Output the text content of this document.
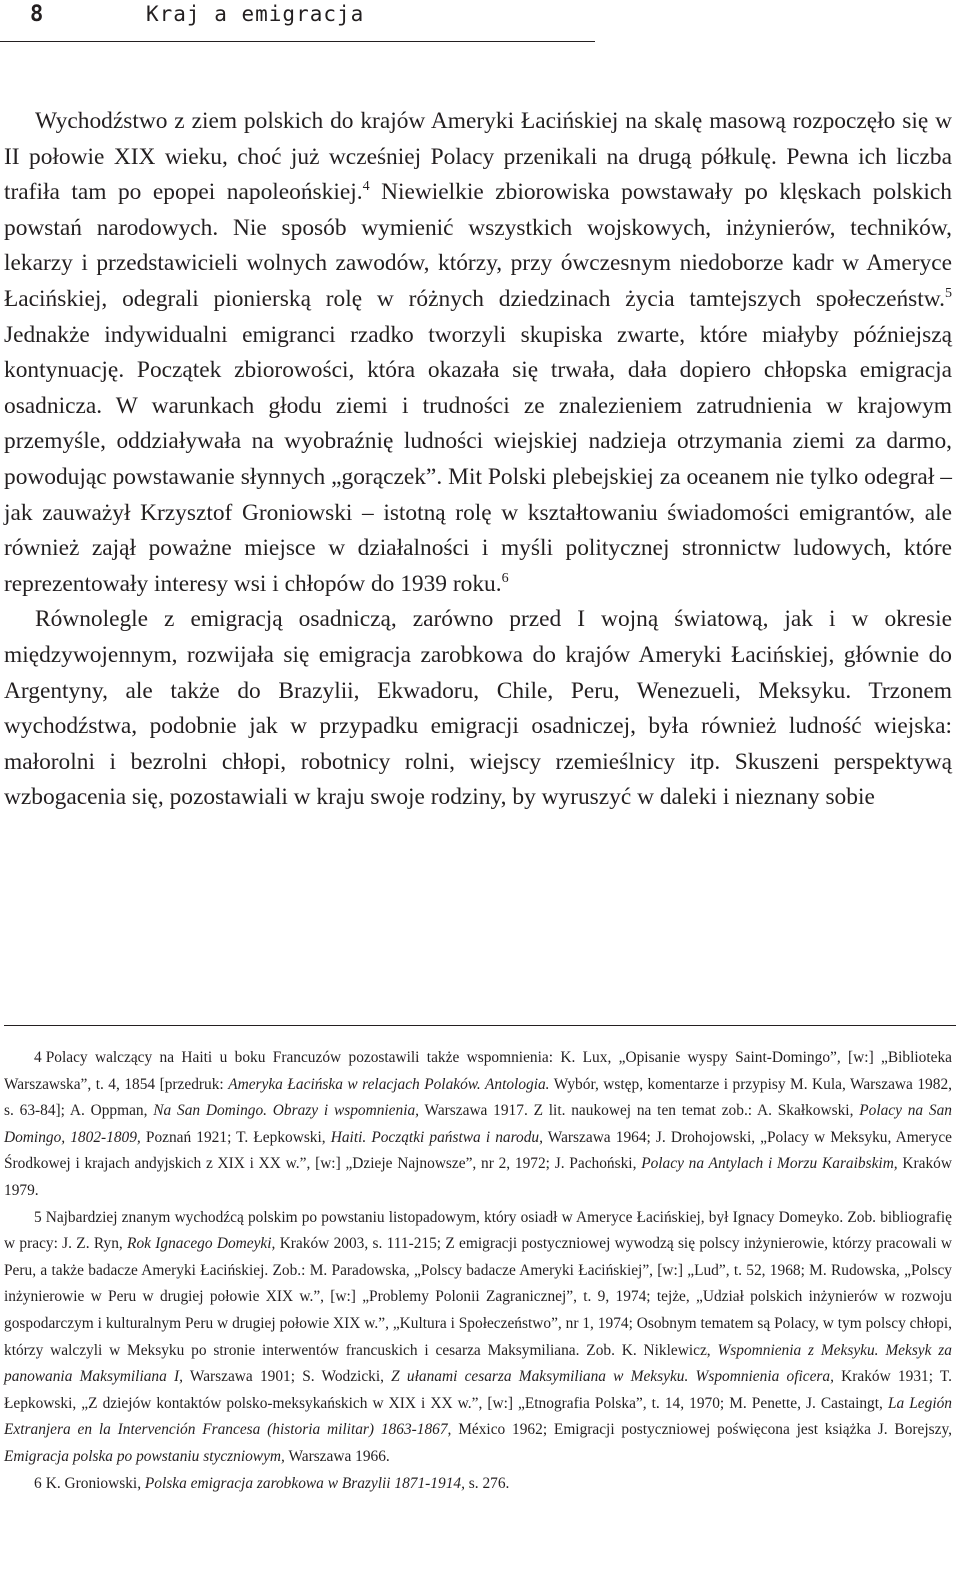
8	Kraj a emigracja

Wychodźstwo z ziem polskich do krajów Ameryki Łacińskiej na skalę masową rozpoczęło się w II połowie XIX wieku, choć już wcześniej Polacy przenikali na drugą półkulę. Pewna ich liczba trafiła tam po epopei napoleońskiej.$^4$ Niewielkie zbiorowiska powstawały po klęskach polskich powstań narodowych. Nie sposób wymienić wszystkich wojskowych, inżynierów, techników, lekarzy i przedstawicieli wolnych zawodów, którzy, przy ówczesnym niedoborze kadr w Ameryce Łacińskiej, odegrali pionierską rolę w różnych dziedzinach życia tamtejszych społeczeństw.$^5$ Jednakże indywidualni emigranci rzadko tworzyli skupiska zwarte, które miałyby późniejszą kontynuację. Początek zbiorowości, która okazała się trwała, dała dopiero chłopska emigracja osadnicza. W warunkach głodu ziemi i trudności ze znalezieniem zatrudnienia w krajowym przemyśle, oddziaływała na wyobraźnię ludności wiejskiej nadzieja otrzymania ziemi za darmo, powodując powstawanie słynnych „gorączek”. Mit Polski plebejskiej za oceanem nie tylko odegrał – jak zauważył Krzysztof Groniowski – istotną rolę w kształtowaniu świadomości emigrantów, ale również zajął poważne miejsce w działalności i myśli politycznej stronnictw ludowych, które reprezentowały interesy wsi i chłopów do 1939 roku.$^6$

Równolegle z emigracją osadniczą, zarówno przed I wojną światową, jak i w okresie międzywojennym, rozwijała się emigracja zarobkowa do krajów Ameryki Łacińskiej, głównie do Argentyny, ale także do Brazylii, Ekwadoru, Chile, Peru, Wenezueli, Meksyku. Trzonem wychodźstwa, podobnie jak w przypadku emigracji osadniczej, była również ludność wiejska: małorolni i bezrolni chłopi, robotnicy rolni, wiejscy rzemieślnicy itp. Skuszeni perspektywą wzbogacenia się, pozostawiali w kraju swoje rodziny, by wyruszyć w daleki i nieznany sobie

4 Polacy walczący na Haiti u boku Francuzów pozostawili także wspomnienia: K. Lux, „Opisanie wyspy Saint-Domingo”, [w:] „Biblioteka Warszawska”, t. 4, 1854 [przedruk: Ameryka Łacińska w relacjach Polaków. Antologia. Wybór, wstęp, komentarze i przypisy M. Kula, Warszawa 1982, s. 63-84]; A. Oppman, Na San Domingo. Obrazy i wspomnienia, Warszawa 1917. Z lit. naukowej na ten temat zob.: A. Skałkowski, Polacy na San Domingo, 1802-1809, Poznań 1921; T. Łepkowski, Haiti. Początki państwa i narodu, Warszawa 1964; J. Drohojowski, „Polacy w Meksyku, Ameryce Środkowej i krajach andyjskich z XIX i XX w.”, [w:] „Dzieje Najnowsze”, nr 2, 1972; J. Pachoński, Polacy na Antylach i Morzu Karaibskim, Kraków 1979.

5 Najbardziej znanym wychodźcą polskim po powstaniu listopadowym, który osiadł w Ameryce Łacińskiej, był Ignacy Domeyko. Zob. bibliografię w pracy: J. Z. Ryn, Rok Ignacego Domeyki, Kraków 2003, s. 111-215; Z emigracji postyczniowej wywodzą się polscy inżynierowie, którzy pracowali w Peru, a także badacze Ameryki Łacińskiej. Zob.: M. Paradowska, „Polscy badacze Ameryki Łacińskiej”, [w:] „Lud”, t. 52, 1968; M. Rudowska, „Polscy inżynierowie w Peru w drugiej połowie XIX w.”, [w:] „Problemy Polonii Zagranicznej”, t. 9, 1974; tejże, „Udział polskich inżynierów w rozwoju gospodarczym i kulturalnym Peru w drugiej połowie XIX w.”, „Kultura i Społeczeństwo”, nr 1, 1974; Osobnym tematem są Polacy, w tym polscy chłopi, którzy walczyli w Meksyku po stronie interwentów francuskich i cesarza Maksymiliana. Zob. K. Niklewicz, Wspomnienia z Meksyku. Meksyk za panowania Maksymiliana I, Warszawa 1901; S. Wodzicki, Z ułanami cesarza Maksymiliana w Meksyku. Wspomnienia oficera, Kraków 1931; T. Łepkowski, „Z dziejów kontaktów polsko-meksykańskich w XIX i XX w.”, [w:] „Etnografia Polska”, t. 14, 1970; M. Penette, J. Castaingt, La Legión Extranjera en la Intervención Francesa (historia militar) 1863-1867, México 1962; Emigracji postyczniowej poświęcona jest książka J. Borejszy, Emigracja polska po powstaniu styczniowym, Warszawa 1966.

6 K. Groniowski, Polska emigracja zarobkowa w Brazylii 1871-1914, s. 276.
